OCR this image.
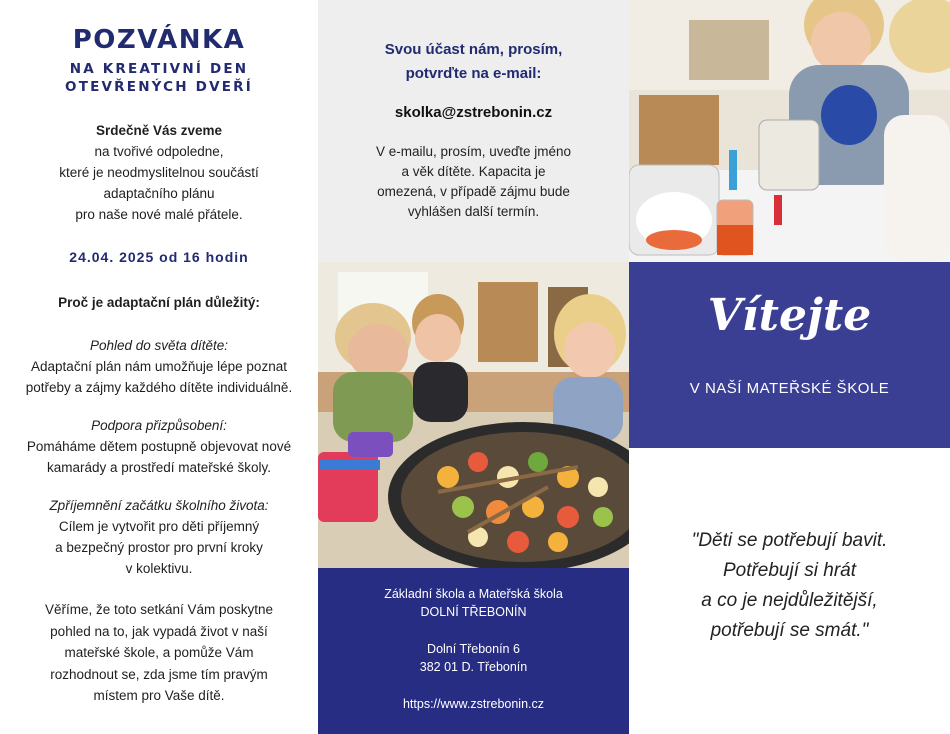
POZVÁNKA
NA KREATIVNÍ DEN
OTEVŘENÝCH DVEŘÍ
Srdečně Vás zveme
na tvořivé odpoledne,
které je neodmyslitelnou součástí
adaptačního plánu
pro naše nové malé přátele.
24.04. 2025 od 16 hodin
Proč je adaptační plán důležitý:
Pohled do světa dítěte:
Adaptační plán nám umožňuje lépe poznat
potřeby a zájmy každého dítěte individuálně.
Podpora přizpůsobení:
Pomáháme dětem postupně objevovat nové
kamarády a prostředí mateřské školy.
Zpříjemnění začátku školního života:
Cílem je vytvořit pro děti příjemný
a bezpečný prostor pro první kroky
v kolektivu.
Věříme, že toto setkání Vám poskytne
pohled na to, jak vypadá život v naší
mateřské škole, a pomůže Vám
rozhodnout se, zda jsme tím pravým
místem pro Vaše dítě.
Svou účast nám, prosím,
potvrďte na e-mail:
skolka@zstrebonin.cz
V e-mailu, prosím, uveďte jméno
a věk dítěte. Kapacita je
omezená, v případě zájmu bude
vyhlášen další termín.
Základní škola a Mateřská škola
DOLNÍ TŘEBONÍN
Dolní Třebonín 6
382 01 D. Třebonín
https://www.zstrebonin.cz
Vítejte
V NAŠÍ MATEŘSKÉ ŠKOLE
"Děti se potřebují bavit.
Potřebují si hrát
a co je nejdůležitější,
potřebují se smát."
